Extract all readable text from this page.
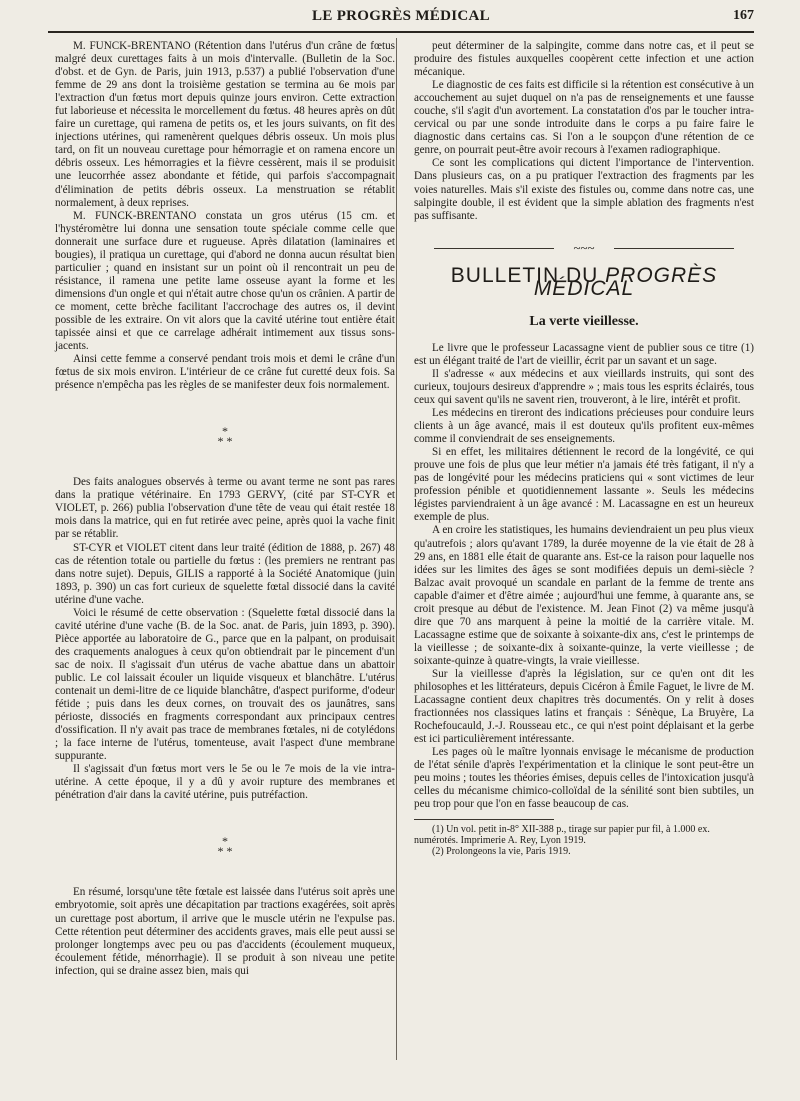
LE PROGRÈS MÉDICAL	167

M. FUNCK-BRENTANO (Rétention dans l'utérus d'un crâne de fœtus malgré deux curettages faits à un mois d'intervalle. (Bulletin de la Soc. d'obst. et de Gyn. de Paris, juin 1913, p.537) a publié l'observation d'une femme de 29 ans dont la troisième gestation se termina au 6e mois par l'extraction d'un fœtus mort depuis quinze jours environ. Cette extraction fut laborieuse et nécessita le morcellement du fœtus. 48 heures après on dût faire un curettage, qui ramena de petits os, et les jours suivants, on fit des injections utérines, qui ramenèrent quelques débris osseux. Un mois plus tard, on fit un nouveau curettage pour hémorragie et on ramena encore un débris osseux. Les hémorragies et la fièvre cessèrent, mais il se produisit une leucorrhée assez abondante et fétide, qui parfois s'accompagnait d'élimination de petits débris osseux. La menstruation se rétablit normalement, à deux reprises.

M. FUNCK-BRENTANO constata un gros utérus (15 cm. et l'hystéromètre lui donna une sensation toute spéciale comme celle que donnerait une surface dure et rugueuse. Après dilatation (laminaires et bougies), il pratiqua un curettage, qui d'abord ne donna aucun résultat bien particulier ; quand en insistant sur un point où il rencontrait un peu de résistance, il ramena une petite lame osseuse ayant la forme et les dimensions d'un ongle et qui n'était autre chose qu'un os crânien. A partir de ce moment, cette brèche facilitant l'accrochage des autres os, il devint possible de les extraire. On vit alors que la cavité utérine tout entière était tapissée ainsi et que ce carrelage adhérait intimement aux tissus sons-jacents.

Ainsi cette femme a conservé pendant trois mois et demi le crâne d'un fœtus de six mois environ. L'intérieur de ce crâne fut curetté deux fois. Sa présence n'empêcha pas les règles de se manifester deux fois normalement.

*
* *

Des faits analogues observés à terme ou avant terme ne sont pas rares dans la pratique vétérinaire. En 1793 GERVY, (cité par ST-CYR et VIOLET, p. 266) publia l'observation d'une tête de veau qui était restée 18 mois dans la matrice, qui en fut retirée avec peine, après quoi la vache finit par se rétablir.

ST-CYR et VIOLET citent dans leur traité (édition de 1888, p. 267) 48 cas de rétention totale ou partielle du fœtus : (les premiers ne rentrant pas dans notre sujet). Depuis, GILIS a rapporté à la Société Anatomique (juin 1893, p. 390) un cas fort curieux de squelette fœtal dissocié dans la cavité utérine d'une vache.

Voici le résumé de cette observation : (Squelette fœtal dissocié dans la cavité utérine d'une vache (B. de la Soc. anat. de Paris, juin 1893, p. 390). Pièce apportée au laboratoire de G., parce que en la palpant, on produisait des craquements analogues à ceux qu'on obtiendrait par le pincement d'un sac de noix. Il s'agissait d'un utérus de vache abattue dans un abattoir public. Le col laissait écouler un liquide visqueux et blanchâtre. L'utérus contenait un demi-litre de ce liquide blanchâtre, d'aspect puriforme, d'odeur fétide ; puis dans les deux cornes, on trouvait des os jaunâtres, sans périoste, dissociés en fragments correspondant aux principaux centres d'ossification. Il n'y avait pas trace de membranes fœtales, ni de cotylédons ; la face interne de l'utérus, tomenteuse, avait l'aspect d'une membrane suppurante.

Il s'agissait d'un fœtus mort vers le 5e ou le 7e mois de la vie intra-utérine. A cette époque, il y a dû y avoir rupture des membranes et pénétration d'air dans la cavité utérine, puis putréfaction.

*
* *

En résumé, lorsqu'une tête fœtale est laissée dans l'utérus soit après une embryotomie, soit après une décapitation par tractions exagérées, soit après un curettage post abortum, il arrive que le muscle utérin ne l'expulse pas. Cette rétention peut déterminer des accidents graves, mais elle peut aussi se prolonger longtemps avec peu ou pas d'accidents (écoulement muqueux, écoulement fétide, ménorrhagie). Il se produit à son niveau une petite infection, qui se draine assez bien, mais qui

peut déterminer de la salpingite, comme dans notre cas, et il peut se produire des fistules auxquelles coopèrent cette infection et une action mécanique.

Le diagnostic de ces faits est difficile si la rétention est consécutive à un accouchement au sujet duquel on n'a pas de renseignements et une fausse couche, s'il s'agit d'un avortement. La constatation d'os par le toucher intra-cervical ou par une sonde introduite dans le corps a pu faire faire le diagnostic dans certains cas. Si l'on a le soupçon d'une rétention de ce genre, on pourrait peut-être avoir recours à l'examen radiographique.

Ce sont les complications qui dictent l'importance de l'intervention. Dans plusieurs cas, on a pu pratiquer l'extraction des fragments par les voies naturelles. Mais s'il existe des fistules ou, comme dans notre cas, une salpingite double, il est évident que la simple ablation des fragments n'est pas suffisante.

~~~
BULLETIN DU PROGRÈS MÉDICAL
La verte vieillesse.

Le livre que le professeur Lacassagne vient de publier sous ce titre (1) est un élégant traité de l'art de vieillir, écrit par un savant et un sage.

Il s'adresse « aux médecins et aux vieillards instruits, qui sont des curieux, toujours desireux d'apprendre » ; mais tous les esprits éclairés, tous ceux qui savent qu'ils ne savent rien, trouveront, à le lire, intérêt et profit.

Les médecins en tireront des indications précieuses pour conduire leurs clients à un âge avancé, mais il est douteux qu'ils profitent eux-mêmes comme il conviendrait de ses enseignements.

Si en effet, les militaires détiennent le record de la longévité, ce qui prouve une fois de plus que leur métier n'a jamais été très fatigant, il n'y a pas de longévité pour les médecins praticiens qui « sont victimes de leur profession pénible et quotidiennement lassante ». Seuls les médecins légistes parviendraient à un âge avancé : M. Lacassagne en est un heureux exemple de plus.

A en croire les statistiques, les humains deviendraient un peu plus vieux qu'autrefois ; alors qu'avant 1789, la durée moyenne de la vie était de 28 à 29 ans, en 1881 elle était de quarante ans. Est-ce la raison pour laquelle nos idées sur les limites des âges se sont modifiées depuis un demi-siècle ? Balzac avait provoqué un scandale en parlant de la femme de trente ans capable d'aimer et d'être aimée ; aujourd'hui une femme, à quarante ans, se croit presque au début de l'existence. M. Jean Finot (2) va même jusqu'à dire que 70 ans marquent à peine la moitié de la carrière vitale. M. Lacassagne estime que de soixante à soixante-dix ans, c'est le printemps de la vieillesse ; de soixante-dix à soixante-quinze, la verte vieillesse ; de soixante-quinze à quatre-vingts, la vraie vieillesse.

Sur la vieillesse d'après la législation, sur ce qu'en ont dit les philosophes et les littérateurs, depuis Cicéron à Émile Faguet, le livre de M. Lacassagne contient deux chapitres très documentés. On y relit à doses fractionnées nos classiques latins et français : Sénèque, La Bruyère, La Rochefoucauld, J.-J. Rousseau etc., ce qui n'est point déplaisant et la gerbe est ici particulièrement intéressante.

Les pages où le maître lyonnais envisage le mécanisme de production de l'état sénile d'après l'expérimentation et la clinique le sont peut-être un peu moins ; toutes les théories émises, depuis celles de l'intoxication jusqu'à celles du mécanisme chimico-colloïdal de la sénilité sont bien subtiles, un peu trop pour que l'on en fasse beaucoup de cas.

(1) Un vol. petit in-8° XII-388 p., tirage sur papier pur fil, à 1.000 ex. numérotés. Imprimerie A. Rey, Lyon 1919.

(2) Prolongeons la vie, Paris 1919.
